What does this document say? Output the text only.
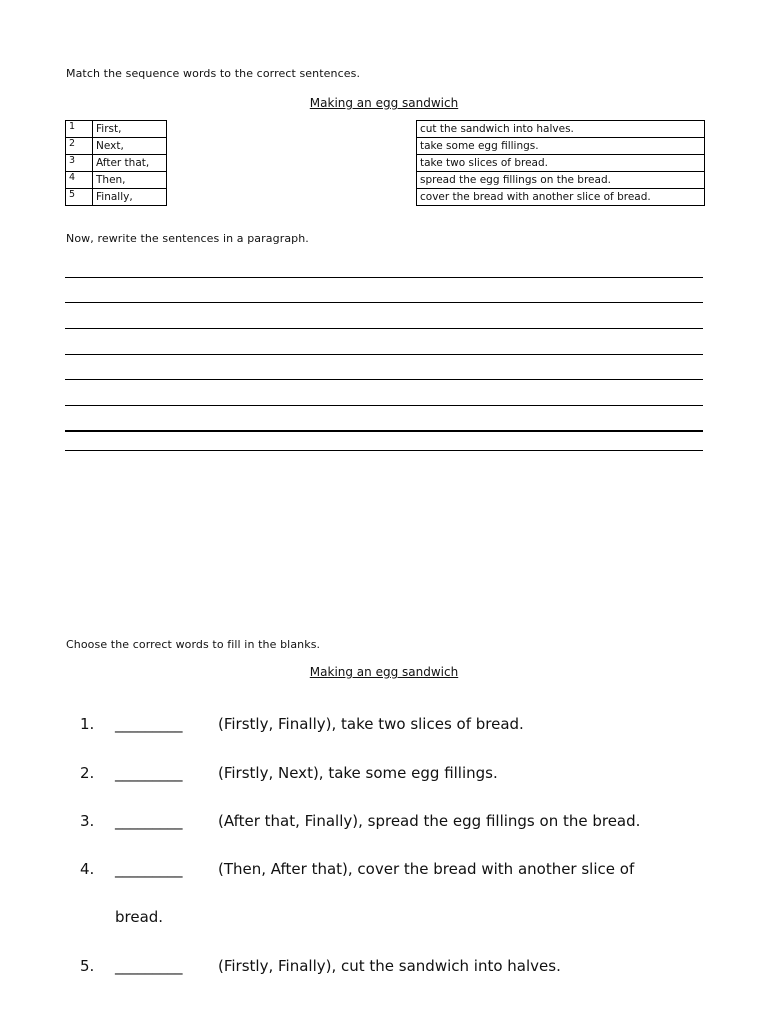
Match the sequence words to the correct sentences.
Making an egg sandwich
1	First,
2	Next,
3	After that,
4	Then,
5	Finally,
cut the sandwich into halves.
take some egg fillings.
take two slices of bread.
spread the egg fillings on the bread.
cover the bread with another slice of bread.
Now, rewrite the sentences in a paragraph.
Choose the correct words to fill in the blanks.
Making an egg sandwich
1. _________ (Firstly, Finally), take two slices of bread.
2. _________ (Firstly, Next), take some egg fillings.
3. _________ (After that, Finally), spread the egg fillings on the bread.
4. _________ (Then, After that), cover the bread with another slice of
bread.
5. _________ (Firstly, Finally), cut the sandwich into halves.
